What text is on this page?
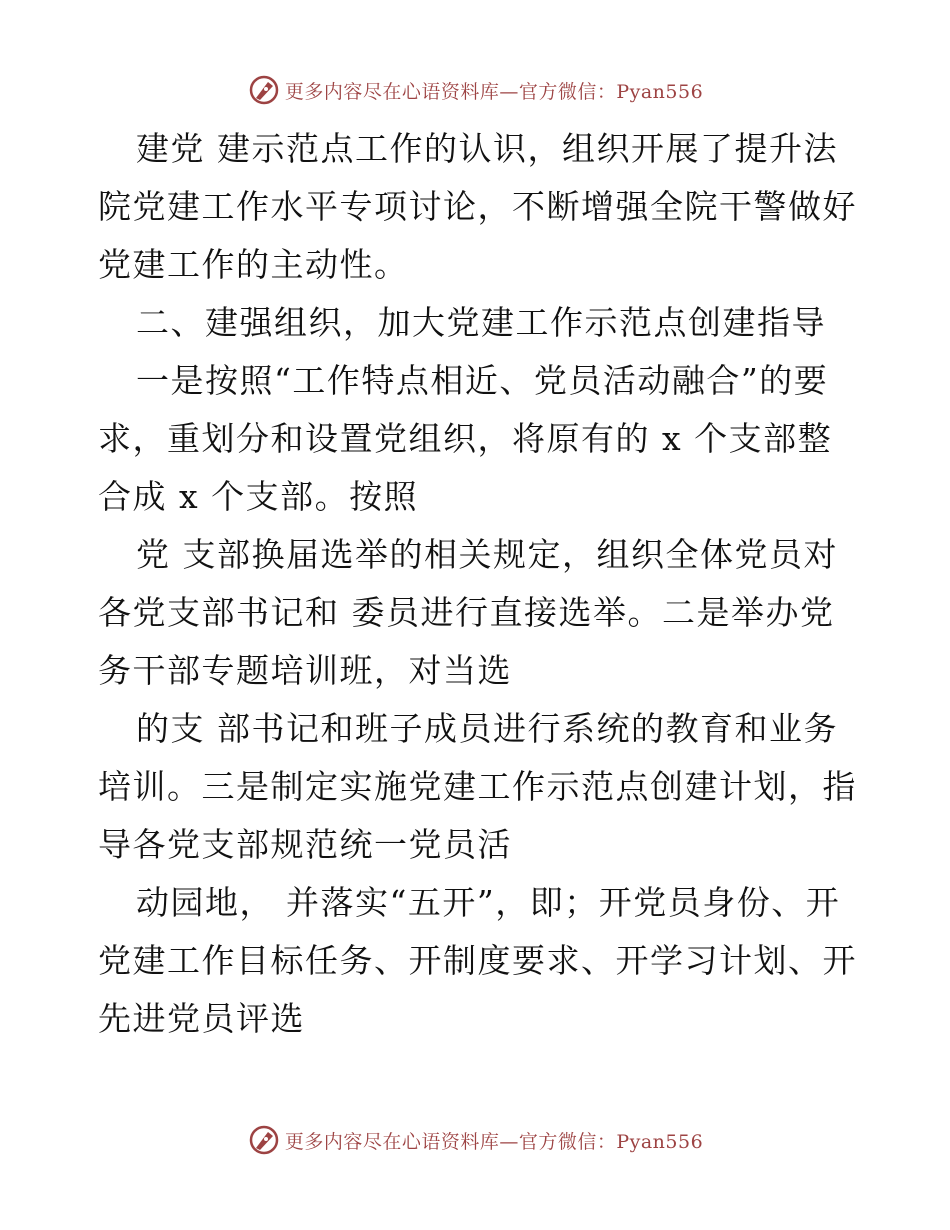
更多内容尽在心语资料库—官方微信：Pyan556
建党 建示范点工作的认识，组织开展了提升法
院党建工作水平专项讨论，不断增强全院干警做好
党建工作的主动性。
二、建强组织，加大党建工作示范点创建指导
一是按照“工作特点相近、党员活动融合”的要
求，重划分和设置党组织，将原有的 x 个支部整
合成 x 个支部。按照
党 支部换届选举的相关规定，组织全体党员对
各党支部书记和 委员进行直接选举。二是举办党
务干部专题培训班，对当选
的支 部书记和班子成员进行系统的教育和业务
培训。三是制定实施党建工作示范点创建计划，指
导各党支部规范统一党员活
动园地， 并落实“五开”，即；开党员身份、开
党建工作目标任务、开制度要求、开学习计划、开
先进党员评选
更多内容尽在心语资料库—官方微信：Pyan556
